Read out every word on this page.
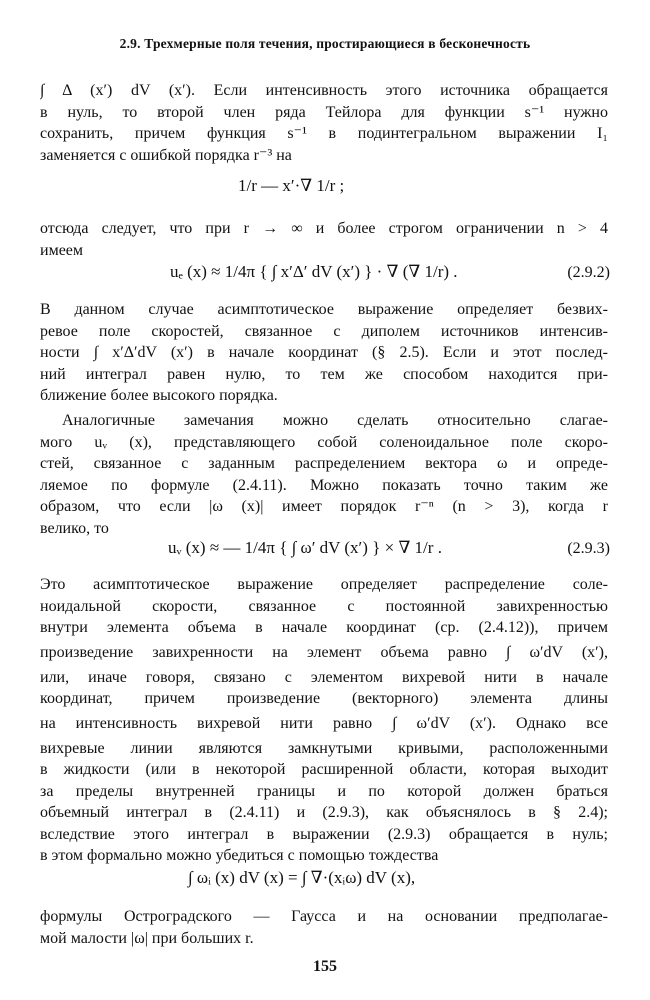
2.9. Трехмерные поля течения, простирающиеся в бесконечность
∫ Δ (x′) dV (x′). Если интенсивность этого источника обращается
в нуль, то второй член ряда Тейлора для функции s⁻¹ нужно
сохранить, причем функция s⁻¹ в подинтегральном выражении I₁
заменяется с ошибкой порядка r⁻³ на
1/r — x′·∇ 1/r ;
отсюда следует, что при r → ∞ и более строгом ограничении n > 4
имеем
uₑ (x) ≈ 1/4π { ∫ x′Δ′ dV (x′) } · ∇ (∇ 1/r) .	(2.9.2)
В данном случае асимптотическое выражение определяет безвих-
ревое поле скоростей, связанное с диполем источников интенсив-
ности ∫ x′Δ′dV (x′) в начале координат (§ 2.5). Если и этот послед-
ний интеграл равен нулю, то тем же способом находится при-
ближение более высокого порядка.
Аналогичные замечания можно сделать относительно слагае-
мого uᵥ (x), представляющего собой соленоидальное поле скоро-
стей, связанное с заданным распределением вектора ω и опреде-
ляемое по формуле (2.4.11). Можно показать точно таким же
образом, что если |ω (x)| имеет порядок r⁻ⁿ (n > 3), когда r
велико, то
uᵥ (x) ≈ — 1/4π { ∫ ω′ dV (x′) } × ∇ 1/r .	(2.9.3)
Это асимптотическое выражение определяет распределение соле-
ноидальной скорости, связанное с постоянной завихренностью
внутри элемента объема в начале координат (ср. (2.4.12)), причем
произведение завихренности на элемент объема равно ∫ ω′dV (x′),
или, иначе говоря, связано с элементом вихревой нити в начале
координат, причем произведение (векторного) элемента длины
на интенсивность вихревой нити равно ∫ ω′dV (x′). Однако все
вихревые линии являются замкнутыми кривыми, расположенными
в жидкости (или в некоторой расширенной области, которая выходит
за пределы внутренней границы и по которой должен браться
объемный интеграл в (2.4.11) и (2.9.3), как объяснялось в § 2.4);
вследствие этого интеграл в выражении (2.9.3) обращается в нуль;
в этом формально можно убедиться с помощью тождества
∫ ωᵢ (x) dV (x) = ∫ ∇·(xᵢω) dV (x),
формулы Остроградского — Гаусса и на основании предполагае-
мой малости |ω| при больших r.
155
